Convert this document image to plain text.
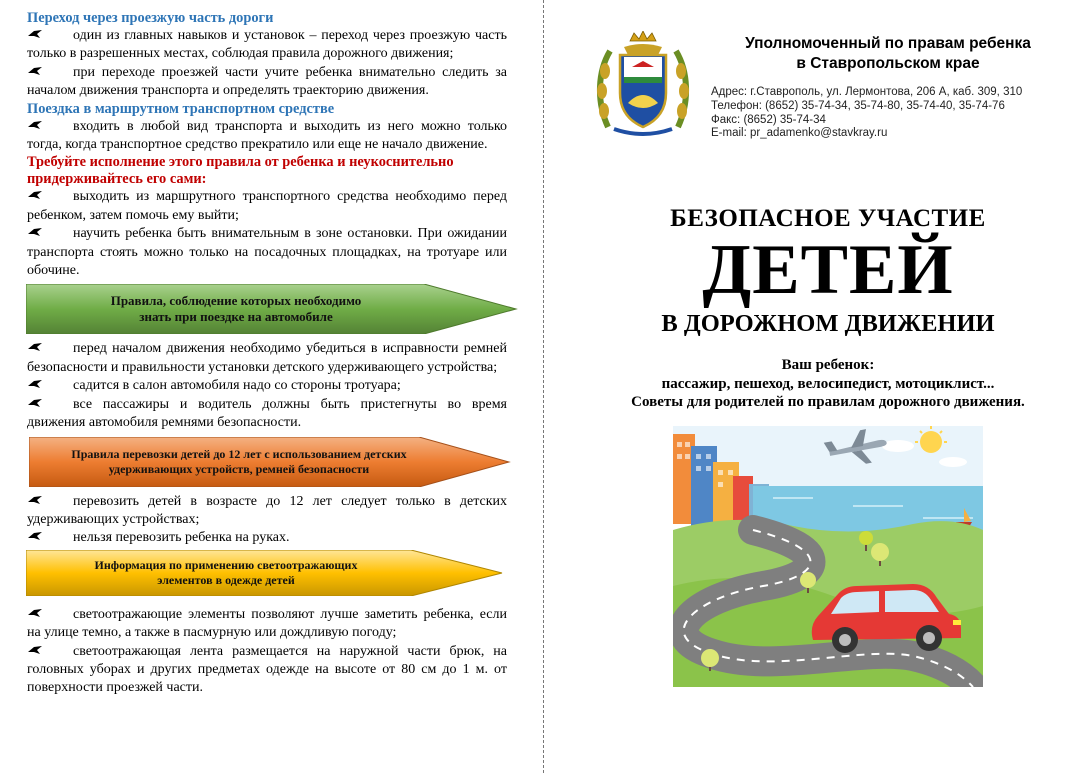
Переход через проезжую часть дороги

один из главных навыков и установок – переход через проезжую часть только в разрешенных местах, соблюдая правила дорожного движения;

при переходе проезжей части учите ребенка внимательно следить за началом движения транспорта и определять траекторию движения.

Поездка в маршрутном транспортном средстве

входить в любой вид транспорта и выходить из него можно только тогда, когда транспортное средство прекратило или еще не начало движение.

Требуйте исполнение этого правила от ребенка и неукоснительно придерживайтесь его сами:

выходить из маршрутного транспортного средства необходимо перед ребенком, затем помочь ему выйти;

научить ребенка быть внимательным в зоне остановки. При ожидании транспорта стоять можно только на посадочных площадках, на тротуаре или обочине.

Правила, соблюдение которых необходимо
знать при поездке на автомобиле

перед началом движения необходимо убедиться в исправности ремней безопасности и правильности установки детского удерживающего устройства;

садится в салон автомобиля надо со стороны тротуара;

все пассажиры и водитель должны быть пристегнуты во время движения автомобиля ремнями безопасности.

Правила перевозки детей до 12 лет с использованием детских
удерживающих устройств, ремней безопасности

перевозить детей в возрасте до 12 лет следует только в детских удерживающих устройствах;

нельзя перевозить ребенка на руках.

Информация по применению светоотражающих
элементов в одежде детей

светоотражающие элементы позволяют лучше заметить ребенка, если на улице темно, а также в пасмурную или дождливую погоду;

светоотражающая лента размещается на наружной части брюк, на головных уборах и других предметах одежде на высоте от 80 см до 1 м. от поверхности проезжей части.

Уполномоченный по правам ребенка
в Ставропольском крае
Адрес: г.Ставрополь, ул. Лермонтова, 206 А, каб. 309, 310
Телефон: (8652) 35-74-34, 35-74-80, 35-74-40, 35-74-76
Факс: (8652) 35-74-34
E-mail: pr_adamenko@stavkray.ru
БЕЗОПАСНОЕ УЧАСТИЕ
ДЕТЕЙ
В ДОРОЖНОМ ДВИЖЕНИИ
Ваш ребенок:
пассажир, пешеход, велосипедист, мотоциклист...
Советы для родителей по правилам дорожного движения.
